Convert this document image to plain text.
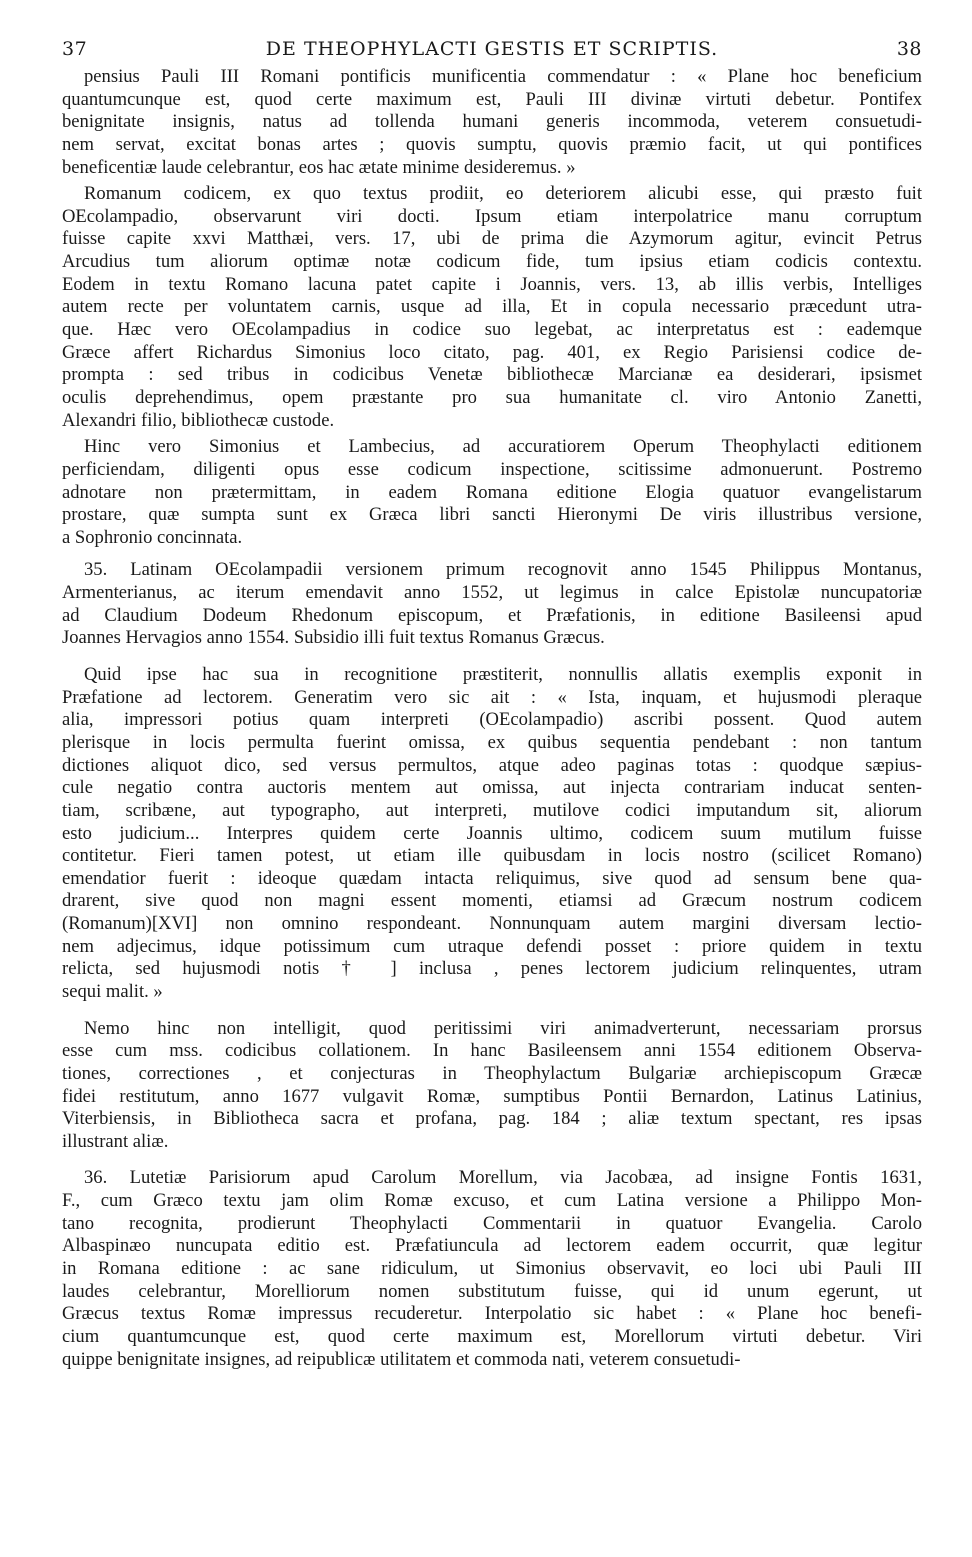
37	DE THEOPHYLACTI GESTIS ET SCRIPTIS.	38
pensius Pauli III Romani pontificis munificentia commendatur : « Plane hoc beneficium
quantumcunque est, quod certe maximum est, Pauli III divinæ virtuti debetur. Pontifex
benignitate insignis, natus ad tollenda humani generis incommoda, veterem consuetudi-
nem servat, excitat bonas artes ; quovis sumptu, quovis præmio facit, ut qui pontifices
beneficentiæ laude celebrantur, eos hac ætate minime desideremus. »
Romanum codicem, ex quo textus prodiit, eo deteriorem alicubi esse, qui præsto fuit
OEcolampadio, observarunt viri docti. Ipsum etiam interpolatrice manu corruptum
fuisse capite xxvi Matthæi, vers. 17, ubi de prima die Azymorum agitur, evincit Petrus
Arcudius tum aliorum optimæ notæ codicum fide, tum ipsius etiam codicis contextu.
Eodem in textu Romano lacuna patet capite i Joannis, vers. 13, ab illis verbis, Intelliges
autem recte per voluntatem carnis, usque ad illa, Et in copula necessario præcedunt utra-
que. Hæc vero OEcolampadius in codice suo legebat, ac interpretatus est : eademque
Græce affert Richardus Simonius loco citato, pag. 401, ex Regio Parisiensi codice de-
prompta : sed tribus in codicibus Venetæ bibliothecæ Marcianæ ea desiderari, ipsismet
oculis deprehendimus, opem præstante pro sua humanitate cl. viro Antonio Zanetti,
Alexandri filio, bibliothecæ custode.
Hinc vero Simonius et Lambecius, ad accuratiorem Operum Theophylacti editionem
perficiendam, diligenti opus esse codicum inspectione, scitissime admonuerunt. Postremo
adnotare non prætermittam, in eadem Romana editione Elogia quatuor evangelistarum
prostare, quæ sumpta sunt ex Græca libri sancti Hieronymi De viris illustribus versione,
a Sophronio concinnata.
35. Latinam OEcolampadii versionem primum recognovit anno 1545 Philippus Montanus,
Armenterianus, ac iterum emendavit anno 1552, ut legimus in calce Epistolæ nuncupatoriæ
ad Claudium Dodeum Rhedonum episcopum, et Præfationis, in editione Basileensi apud
Joannes Hervagios anno 1554. Subsidio illi fuit textus Romanus Græcus.
Quid ipse hac sua in recognitione præstiterit, nonnullis allatis exemplis exponit in
Præfatione ad lectorem. Generatim vero sic ait : « Ista, inquam, et hujusmodi pleraque
alia, impressori potius quam interpreti (OEcolampadio) ascribi possent. Quod autem
plerisque in locis permulta fuerint omissa, ex quibus sequentia pendebant : non tantum
dictiones aliquot dico, sed versus permultos, atque adeo paginas totas : quodque sæpius-
cule negatio contra auctoris mentem aut omissa, aut injecta contrariam inducat senten-
tiam, scribæne, aut typographo, aut interpreti, mutilove codici imputandum sit, aliorum
esto judicium... Interpres quidem certe Joannis ultimo, codicem suum mutilum fuisse
contitetur. Fieri tamen potest, ut etiam ille quibusdam in locis nostro (scilicet Romano)
emendatior fuerit : ideoque quædam intacta reliquimus, sive quod ad sensum bene qua-
drarent, sive quod non magni essent momenti, etiamsi ad Græcum nostrum codicem
(Romanum)[XVI] non omnino respondeant. Nonnunquam autem margini diversam lectio-
nem adjecimus, idque potissimum cum utraque defendi posset : priore quidem in textu
relicta, sed hujusmodi notis † ] inclusa , penes lectorem judicium relinquentes, utram
sequi malit. »
Nemo hinc non intelligit, quod peritissimi viri animadverterunt, necessariam prorsus
esse cum mss. codicibus collationem. In hanc Basileensem anni 1554 editionem Observa-
tiones, correctiones , et conjecturas in Theophylactum Bulgariæ archiepiscopum Græcæ
fidei restitutum, anno 1677 vulgavit Romæ, sumptibus Pontii Bernardon, Latinus Latinius,
Viterbiensis, in Bibliotheca sacra et profana, pag. 184 ; aliæ textum spectant, res ipsas
illustrant aliæ.
36. Lutetiæ Parisiorum apud Carolum Morellum, via Jacobæa, ad insigne Fontis 1631,
F., cum Græco textu jam olim Romæ excuso, et cum Latina versione a Philippo Mon-
tano recognita, prodierunt Theophylacti Commentarii in quatuor Evangelia. Carolo
Albaspinæo nuncupata editio est. Præfatiuncula ad lectorem eadem occurrit, quæ legitur
in Romana editione : ac sane ridiculum, ut Simonius observavit, eo loci ubi Pauli III
laudes celebrantur, Morelliorum nomen substitutum fuisse, qui id unum egerunt, ut
Græcus textus Romæ impressus recuderetur. Interpolatio sic habet : « Plane hoc benefi-
cium quantumcunque est, quod certe maximum est, Morellorum virtuti debetur. Viri
quippe benignitate insignes, ad reipublicæ utilitatem et commoda nati, veterem consuetudi-
